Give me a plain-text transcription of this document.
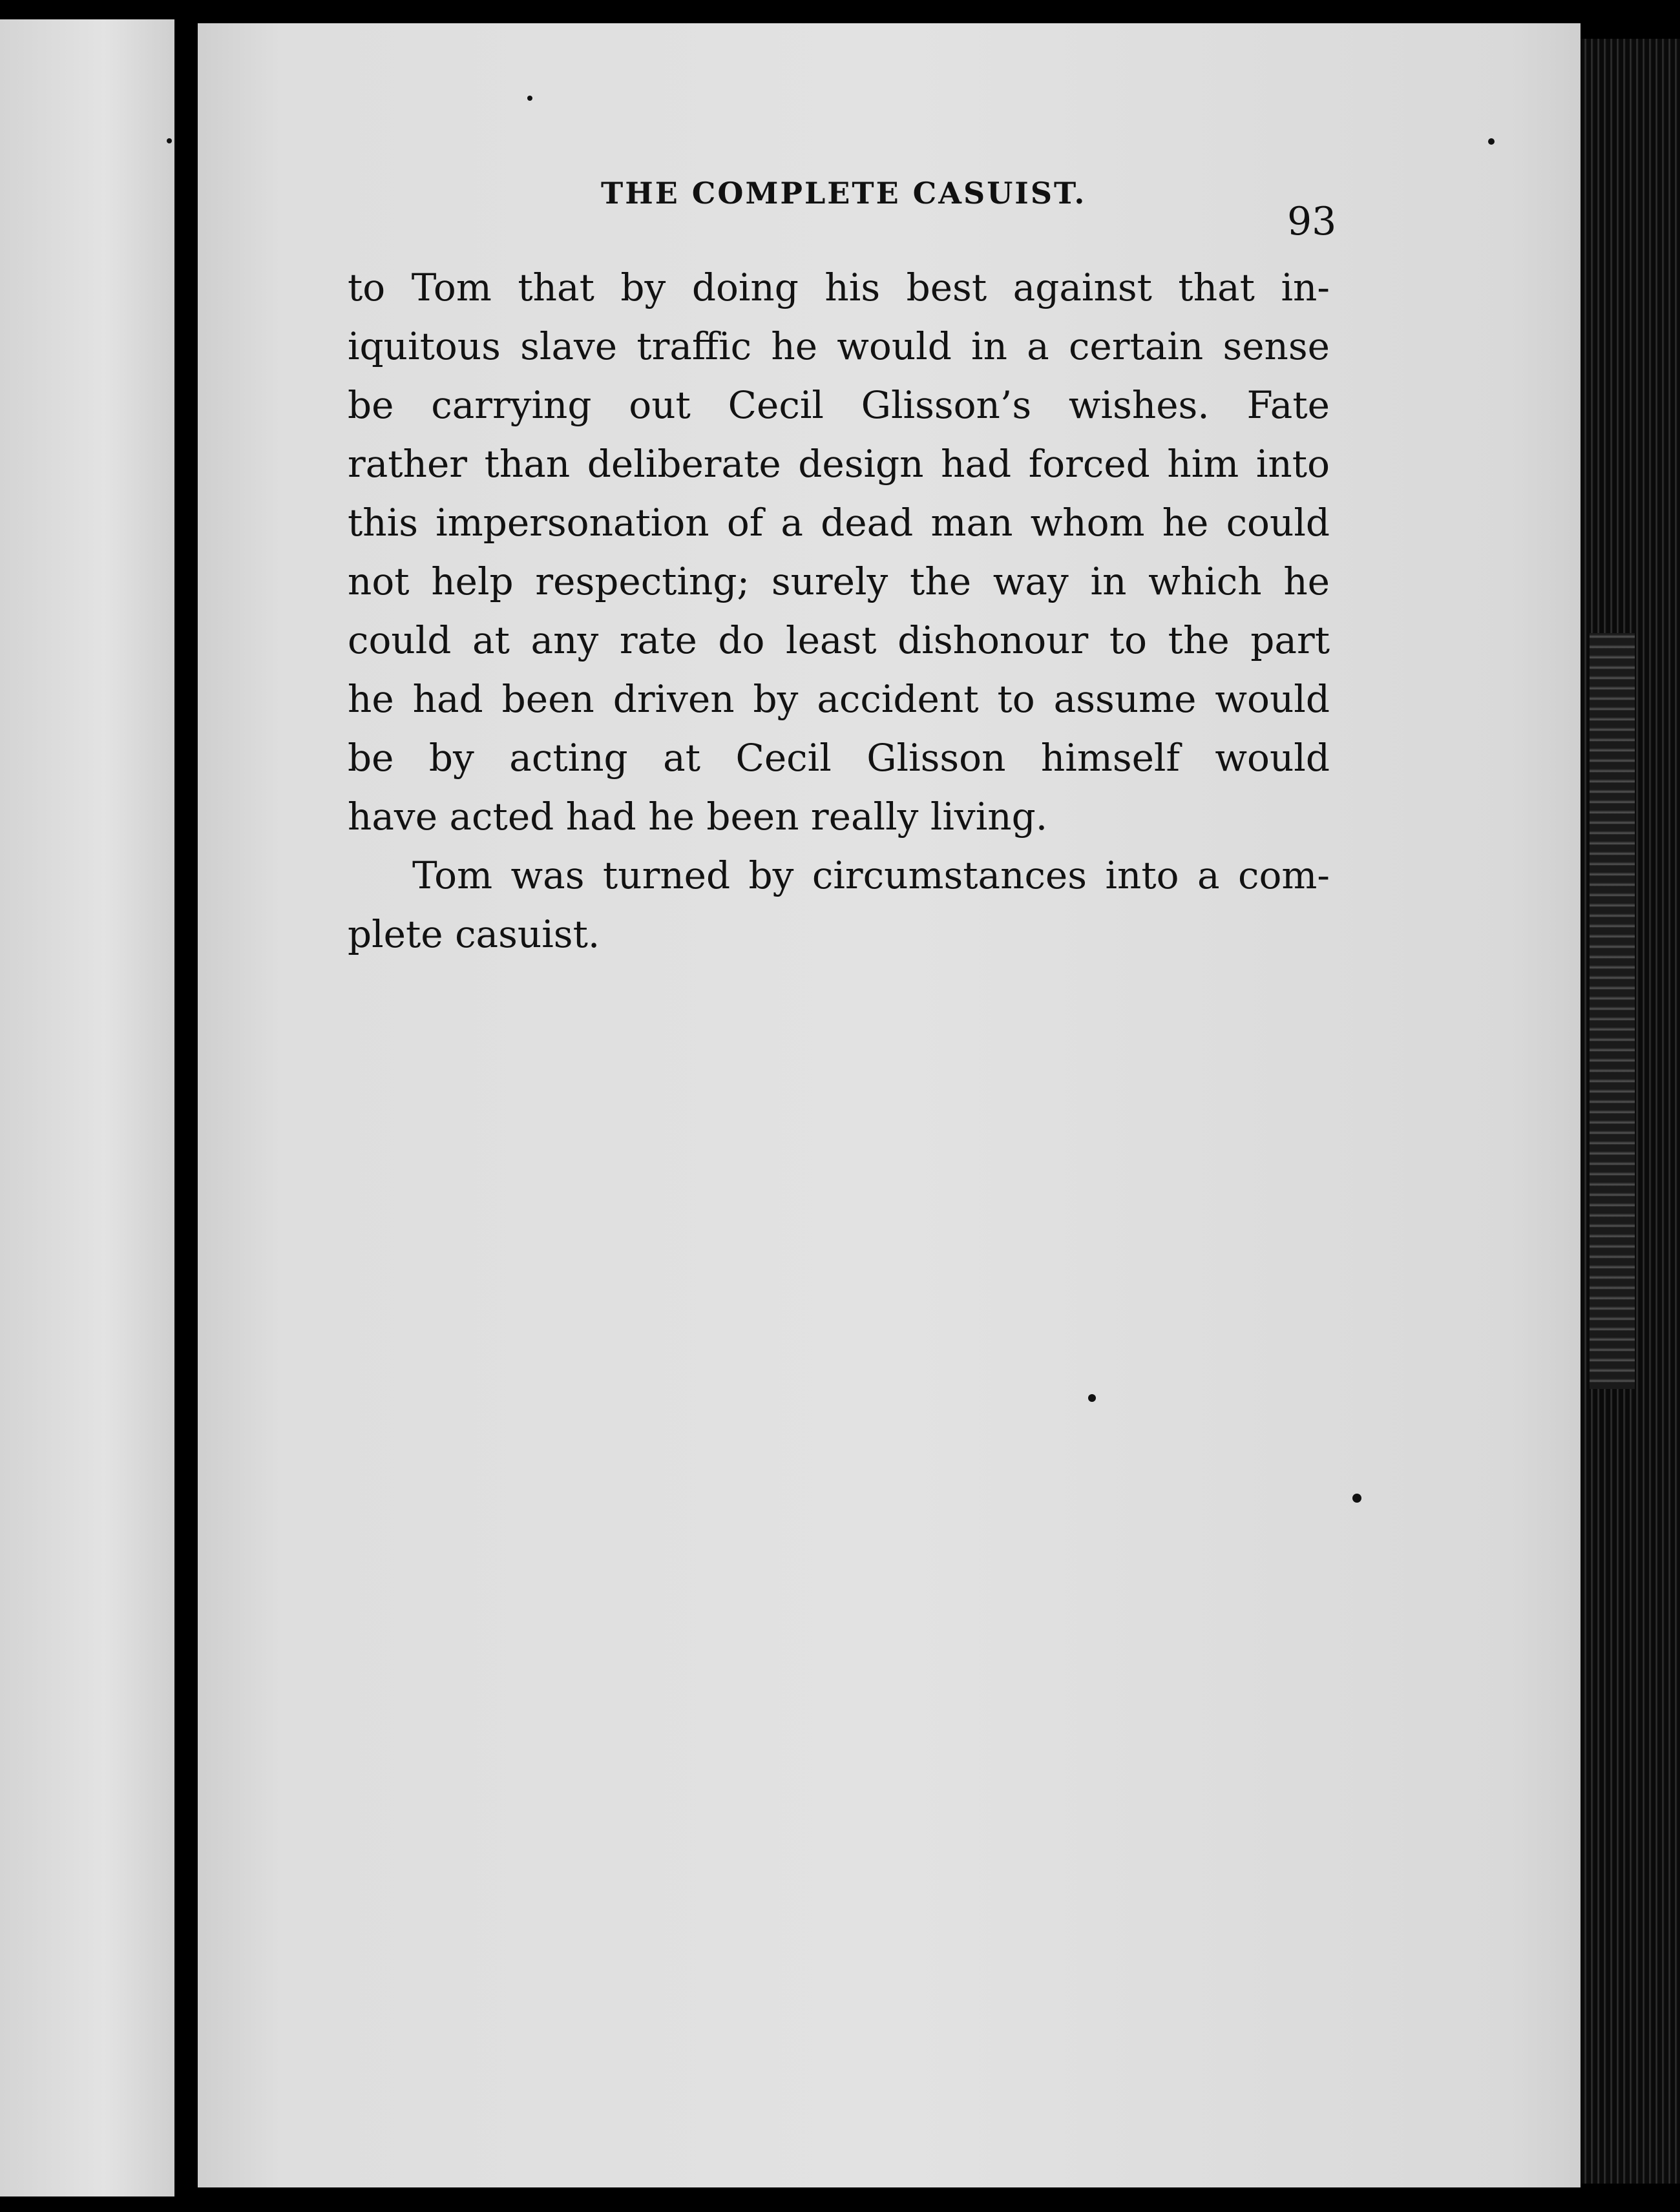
THE COMPLETE CASUIST.
93
to Tom that by doing his best against that in-
iquitous slave traffic he would in a certain sense
be carrying out Cecil Glisson’s wishes. Fate
rather than deliberate design had forced him into
this impersonation of a dead man whom he could
not help respecting; surely the way in which he
could at any rate do least dishonour to the part
he had been driven by accident to assume would
be by acting at Cecil Glisson himself would
have acted had he been really living.
Tom was turned by circumstances into a com-
plete casuist.
